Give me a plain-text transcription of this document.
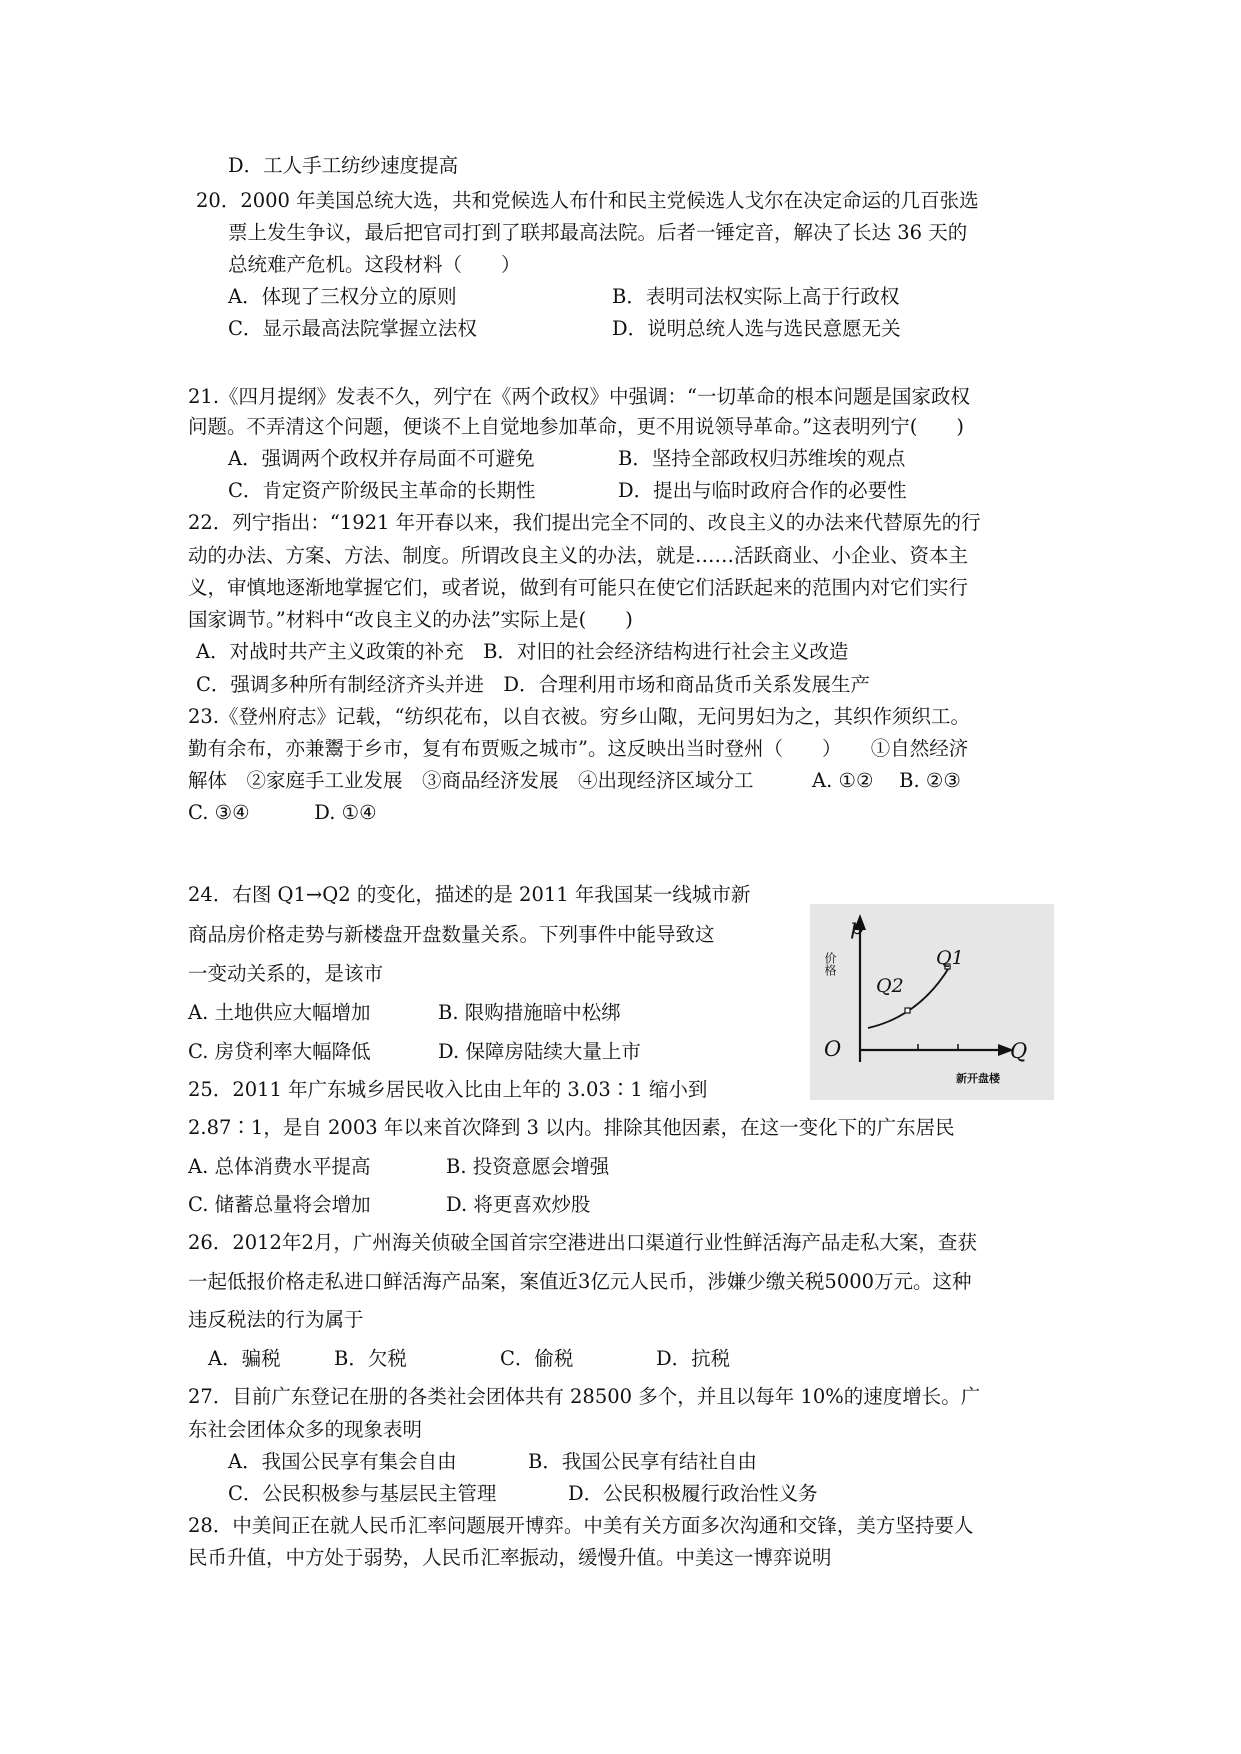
D．工人手工纺纱速度提高
20．2000 年美国总统大选，共和党候选人布什和民主党候选人戈尔在决定命运的几百张选
票上发生争议，最后把官司打到了联邦最高法院。后者一锤定音，解决了长达 36 天的
总统难产危机。这段材料（　　）
A．体现了三权分立的原则	B．表明司法权实际上高于行政权
C．显示最高法院掌握立法权	D．说明总统人选与选民意愿无关
21.《四月提纲》发表不久，列宁在《两个政权》中强调：“一切革命的根本问题是国家政权
问题。不弄清这个问题，便谈不上自觉地参加革命，更不用说领导革命。”这表明列宁(　　)
A．强调两个政权并存局面不可避免	B．坚持全部政权归苏维埃的观点
C．肯定资产阶级民主革命的长期性	D．提出与临时政府合作的必要性
22．列宁指出：“1921 年开春以来，我们提出完全不同的、改良主义的办法来代替原先的行
动的办法、方案、方法、制度。所谓改良主义的办法，就是……活跃商业、小企业、资本主
义，审慎地逐渐地掌握它们，或者说，做到有可能只在使它们活跃起来的范围内对它们实行
国家调节。”材料中“改良主义的办法”实际上是(　　)
A．对战时共产主义政策的补充　B．对旧的社会经济结构进行社会主义改造
C．强调多种所有制经济齐头并进　D．合理利用市场和商品货币关系发展生产
23.《登州府志》记载，“纺织花布，以自衣被。穷乡山陬，无问男妇为之，其织作须织工。
勤有余布，亦兼鬻于乡市，复有布贾贩之城市”。这反映出当时登州（　　）　　①自然经济
解体　②家庭手工业发展　③商品经济发展　④出现经济区域分工　　　A. ①②　 B. ②③
C. ③④　　　 D. ①④
24．右图 Q1→Q2 的变化，描述的是 2011 年我国某一线城市新
商品房价格走势与新楼盘开盘数量关系。下列事件中能导致这
一变动关系的，是该市
A. 土地供应大幅增加	B. 限购措施暗中松绑
C. 房贷利率大幅降低	D. 保障房陆续大量上市
25．2011 年广东城乡居民收入比由上年的 3.03∶1 缩小到
2.87∶1，是自 2003 年以来首次降到 3 以内。排除其他因素，在这一变化下的广东居民
A. 总体消费水平提高	B. 投资意愿会增强
C. 储蓄总量将会增加	D. 将更喜欢炒股
26．2012年2月，广州海关侦破全国首宗空港进出口渠道行业性鲜活海产品走私大案，查获
一起低报价格走私进口鲜活海产品案，案值近3亿元人民币，涉嫌少缴关税5000万元。这种
违反税法的行为属于
A．骗税	B．欠税	C．偷税	D．抗税
27．目前广东登记在册的各类社会团体共有 28500 多个，并且以每年 10%的速度增长。广
东社会团体众多的现象表明
A．我国公民享有集会自由	B．我国公民享有结社自由
C．公民积极参与基层民主管理	D．公民积极履行政治性义务
28．中美间正在就人民币汇率问题展开博弈。中美有关方面多次沟通和交锋，美方坚持要人
民币升值，中方处于弱势，人民币汇率振动，缓慢升值。中美这一博弈说明
p
价格
O	Q
新开盘楼
Q1
Q2
